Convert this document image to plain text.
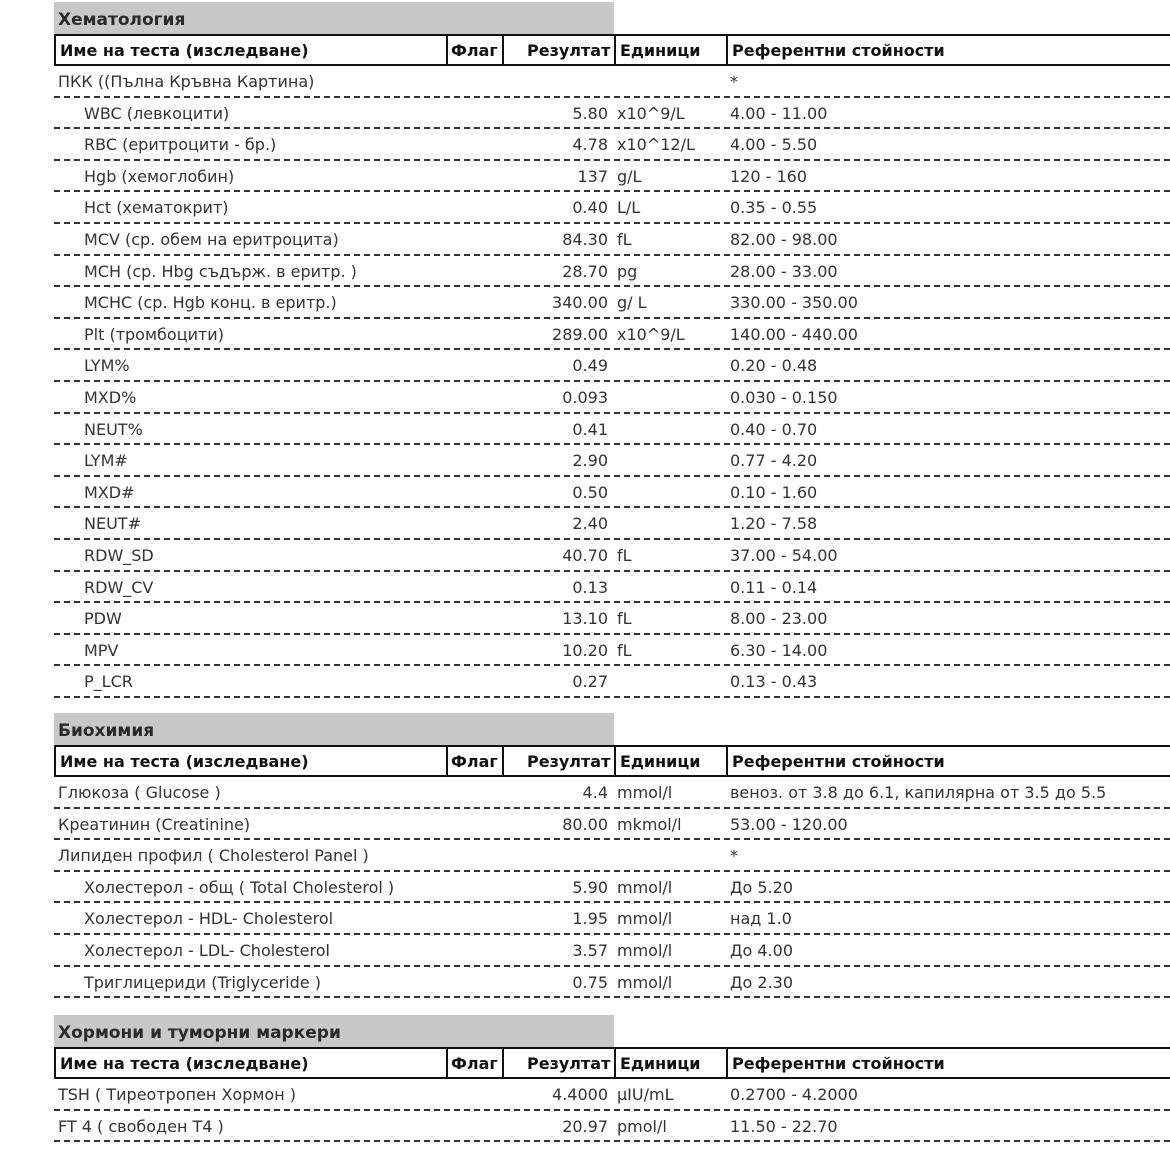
Хематология
Име на теста (изследване)	Флаг Резултат Единици Референтни стойности
ПКК ((Пълна Кръвна Картина)	*
WBC (левкоцити)	5.80 x10^9/L	4.00 - 11.00
RBC (еритроцити - бр.)	4.78 x10^12/L 4.00 - 5.50
Hgb (хемоглобин)	137 g/L	120 - 160
Hct (хематокрит)	0.40 L/L	0.35 - 0.55
MCV (ср. обем на еритроцита)	84.30 fL	82.00 - 98.00
MCH (ср. Hbg съдърж. в еритр. )	28.70 pg	28.00 - 33.00
MCHC (ср. Hgb конц. в еритр.)	340.00 g/ L	330.00 - 350.00
Plt (тромбоцити)	289.00 x10^9/L	140.00 - 440.00
LYM%	0.49	0.20 - 0.48
MXD%	0.093	0.030 - 0.150
NEUT%	0.41	0.40 - 0.70
LYM#	2.90	0.77 - 4.20
MXD#	0.50	0.10 - 1.60
NEUT#	2.40	1.20 - 7.58
RDW_SD	40.70 fL	37.00 - 54.00
RDW_CV	0.13	0.11 - 0.14
PDW	13.10 fL	8.00 - 23.00
MPV	10.20 fL	6.30 - 14.00
P_LCR	0.27	0.13 - 0.43
Биохимия
Име на теста (изследване)	Флаг Резултат Единици Референтни стойности
Глюкоза ( Glucose )	4.4 mmol/l	веноз. от 3.8 до 6.1, капилярна от 3.5 до 5.5
Креатинин (Creatinine)	80.00 mkmol/l	53.00 - 120.00
Липиден профил ( Cholesterol Panel )	*
Холестерол - общ ( Total Cholesterol )	5.90 mmol/l	До 5.20
Холестерол - HDL- Cholesterol	1.95 mmol/l	над 1.0
Холестерол - LDL- Cholesterol	3.57 mmol/l	До 4.00
Триглицериди (Triglyceride )	0.75 mmol/l	До 2.30
Хормони и туморни маркери
Име на теста (изследване)	Флаг Резултат Единици Референтни стойности
TSH ( Тиреотропен Хормон )	4.4000 µIU/mL	0.2700 - 4.2000
FT 4 ( свободен T4 )	20.97 pmol/l	11.50 - 22.70
